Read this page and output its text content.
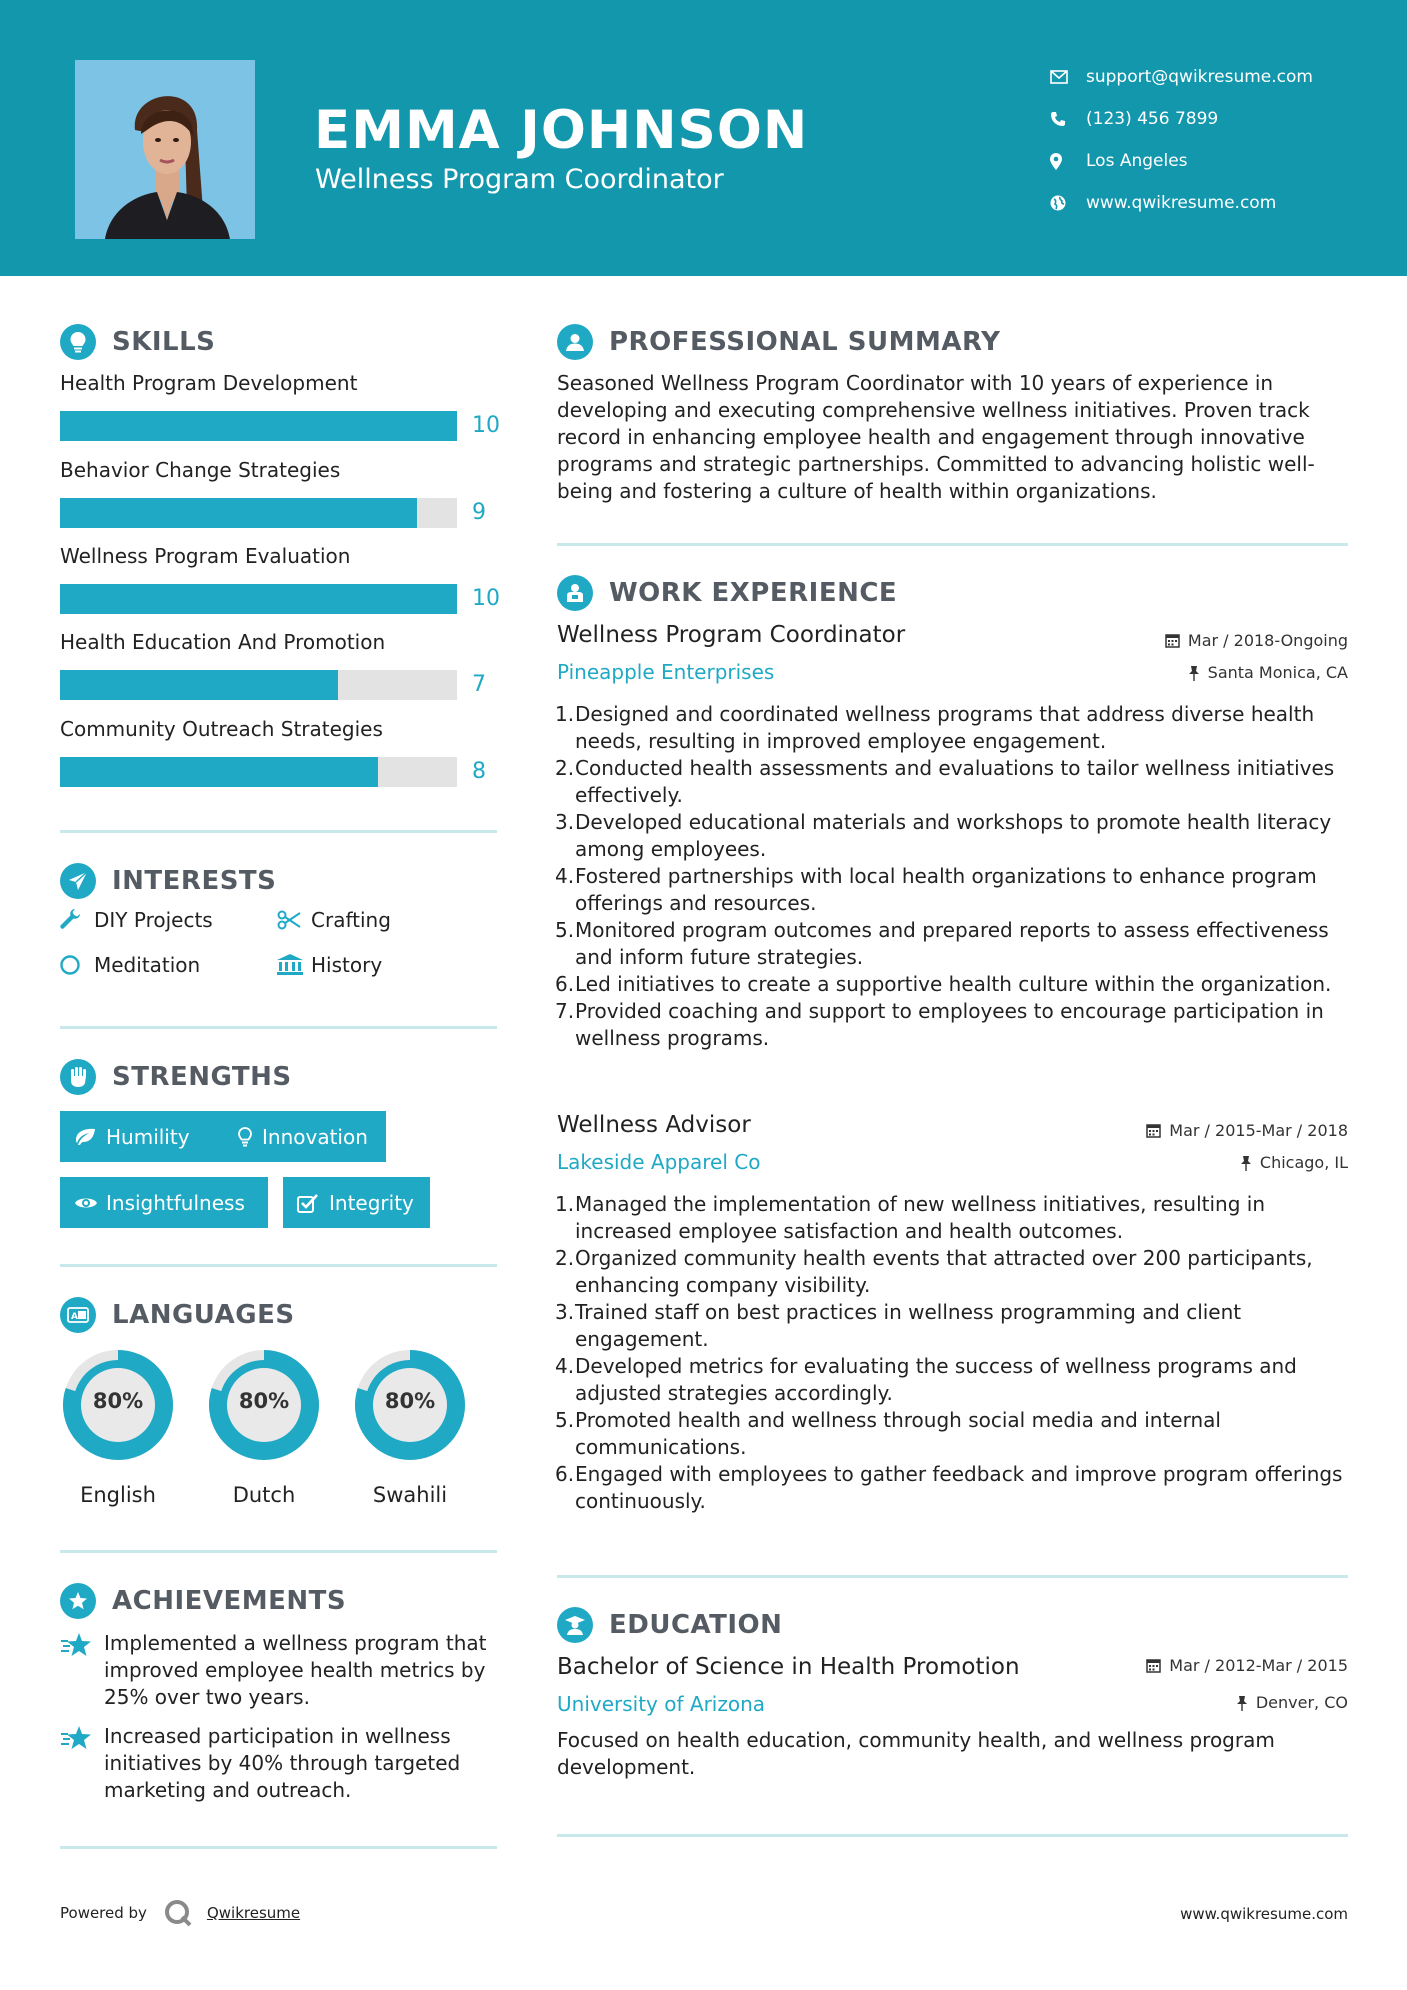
EMMA JOHNSON
Wellness Program Coordinator
support@qwikresume.com
(123) 456 7899
Los Angeles
www.qwikresume.com
SKILLS
Health Program Development
10
Behavior Change Strategies
9
Wellness Program Evaluation
10
Health Education And Promotion
7
Community Outreach Strategies
8
INTERESTS
DIY Projects	Crafting
Meditation	History
STRENGTHS
Humility	Innovation
Insightfulness	Integrity
A LANGUAGES
80%
English
80%
Dutch
80%
Swahili
ACHIEVEMENTS
Implemented a wellness program that improved employee health metrics by 25% over two years.
Increased participation in wellness initiatives by 40% through targeted marketing and outreach.
PROFESSIONAL SUMMARY
Seasoned Wellness Program Coordinator with 10 years of experience in developing and executing comprehensive wellness initiatives. Proven track record in enhancing employee health and engagement through innovative programs and strategic partnerships. Committed to advancing holistic well-being and fostering a culture of health within organizations.
WORK EXPERIENCE
Wellness Program Coordinator	Mar / 2018-Ongoing
Pineapple Enterprises	Santa Monica, CA
Designed and coordinated wellness programs that address diverse health needs, resulting in improved employee engagement.
Conducted health assessments and evaluations to tailor wellness initiatives effectively.
Developed educational materials and workshops to promote health literacy among employees.
Fostered partnerships with local health organizations to enhance program offerings and resources.
Monitored program outcomes and prepared reports to assess effectiveness and inform future strategies.
Led initiatives to create a supportive health culture within the organization.
Provided coaching and support to employees to encourage participation in wellness programs.
Wellness Advisor	Mar / 2015-Mar / 2018
Lakeside Apparel Co	Chicago, IL
Managed the implementation of new wellness initiatives, resulting in increased employee satisfaction and health outcomes.
Organized community health events that attracted over 200 participants, enhancing company visibility.
Trained staff on best practices in wellness programming and client engagement.
Developed metrics for evaluating the success of wellness programs and adjusted strategies accordingly.
Promoted health and wellness through social media and internal communications.
Engaged with employees to gather feedback and improve program offerings continuously.
EDUCATION
Bachelor of Science in Health Promotion	Mar / 2012-Mar / 2015
University of Arizona	Denver, CO
Focused on health education, community health, and wellness program development.
Powered by	Qwikresume	www.qwikresume.com
